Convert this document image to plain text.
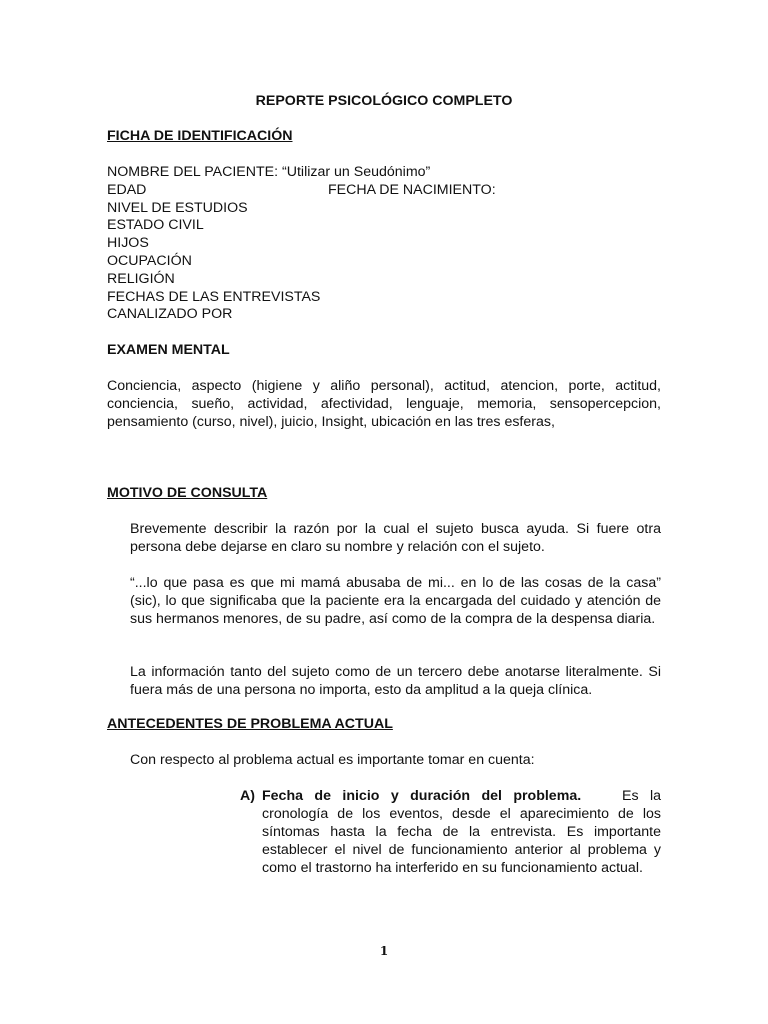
REPORTE PSICOLÓGICO COMPLETO
FICHA DE IDENTIFICACIÓN
NOMBRE DEL PACIENTE: “Utilizar un Seudónimo”
EDAD	FECHA DE NACIMIENTO:
NIVEL DE ESTUDIOS
ESTADO CIVIL
HIJOS
OCUPACIÓN
RELIGIÓN
FECHAS DE LAS ENTREVISTAS
CANALIZADO POR
EXAMEN MENTAL
Conciencia, aspecto (higiene y aliño personal), actitud, atencion, porte, actitud, conciencia, sueño, actividad, afectividad, lenguaje, memoria, sensopercepcion, pensamiento (curso, nivel), juicio, Insight, ubicación en las tres esferas,
MOTIVO DE CONSULTA
Brevemente describir la razón por la cual el sujeto busca ayuda. Si fuere otra persona debe dejarse en claro su nombre y relación con el sujeto.
“...lo que pasa es que mi mamá abusaba de mi... en lo de las cosas de la casa” (sic), lo que significaba que la paciente era la encargada del cuidado y atención de sus hermanos menores, de su padre, así como de la compra de la despensa diaria.
La información tanto del sujeto como de un tercero debe anotarse literalmente. Si fuera más de una persona no importa, esto da amplitud a la queja clínica.
ANTECEDENTES DE PROBLEMA ACTUAL
Con respecto al problema actual es importante tomar en cuenta:
A) Fecha de inicio y duración del problema.	Es la cronología de los eventos, desde el aparecimiento de los síntomas hasta la fecha de la entrevista. Es importante establecer el nivel de funcionamiento anterior al problema y como el trastorno ha interferido en su funcionamiento actual.
1
